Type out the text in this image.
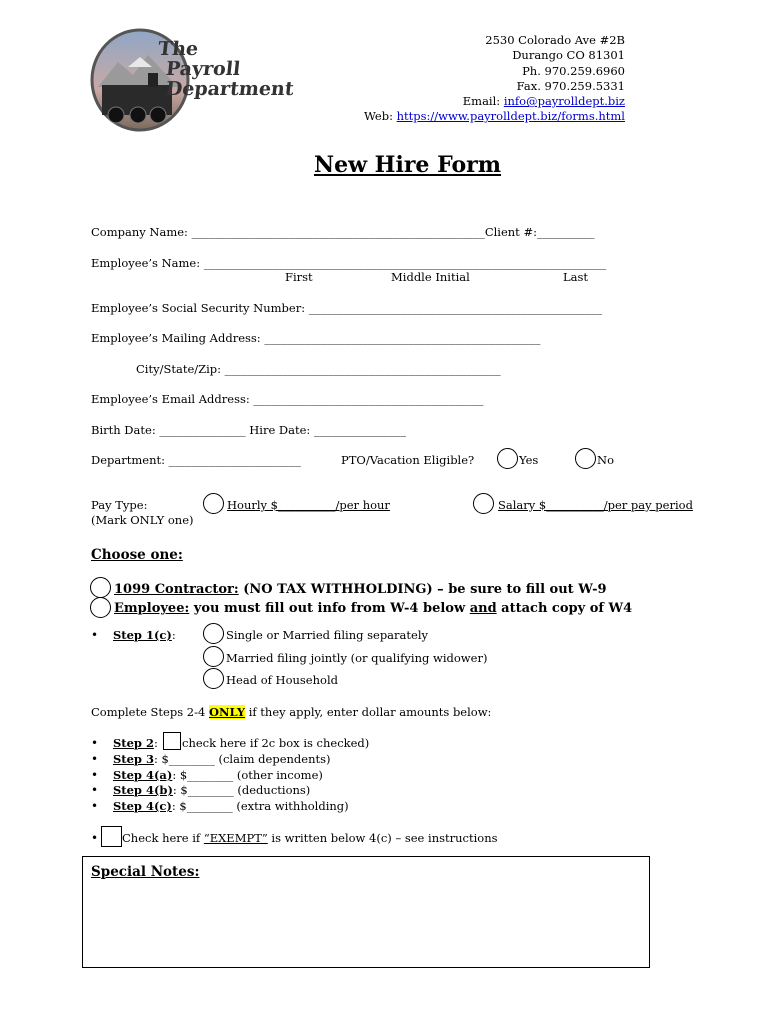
The
Payroll
Department
2530 Colorado Ave #2B
Durango CO 81301
Ph. 970.259.6960
Fax. 970.259.5331
Email: info@payrolldept.biz
Web: https://www.payrolldept.biz/forms.html
New Hire Form
Company Name: ___________________________________________________Client #:__________
Employee’s Name: ______________________________________________________________________
First	Middle Initial	Last
Employee’s Social Security Number: ___________________________________________________
Employee’s Mailing Address: ________________________________________________
City/State/Zip: ________________________________________________
Employee’s Email Address: ________________________________________
Birth Date: _______________ Hire Date: ________________
Department: _______________________	PTO/Vacation Eligible?	Yes	No
Pay Type:
(Mark ONLY one)
Hourly $__________/per hour	Salary $__________/per pay period
Choose one:
1099 Contractor: (NO TAX WITHHOLDING) – be sure to fill out W-9
Employee: you must fill out info from W-4 below and attach copy of W4
• Step 1(c):	Single or Married filing separately
Married filing jointly (or qualifying widower)
Head of Household
Complete Steps 2-4 ONLY if they apply, enter dollar amounts below:
• Step 2: check here if 2c box is checked)
• Step 3: $________ (claim dependents)
• Step 4(a): $________ (other income)
• Step 4(b): $________ (deductions)
• Step 4(c): $________ (extra withholding)
• Check here if “EXEMPT” is written below 4(c) – see instructions
Special Notes:
